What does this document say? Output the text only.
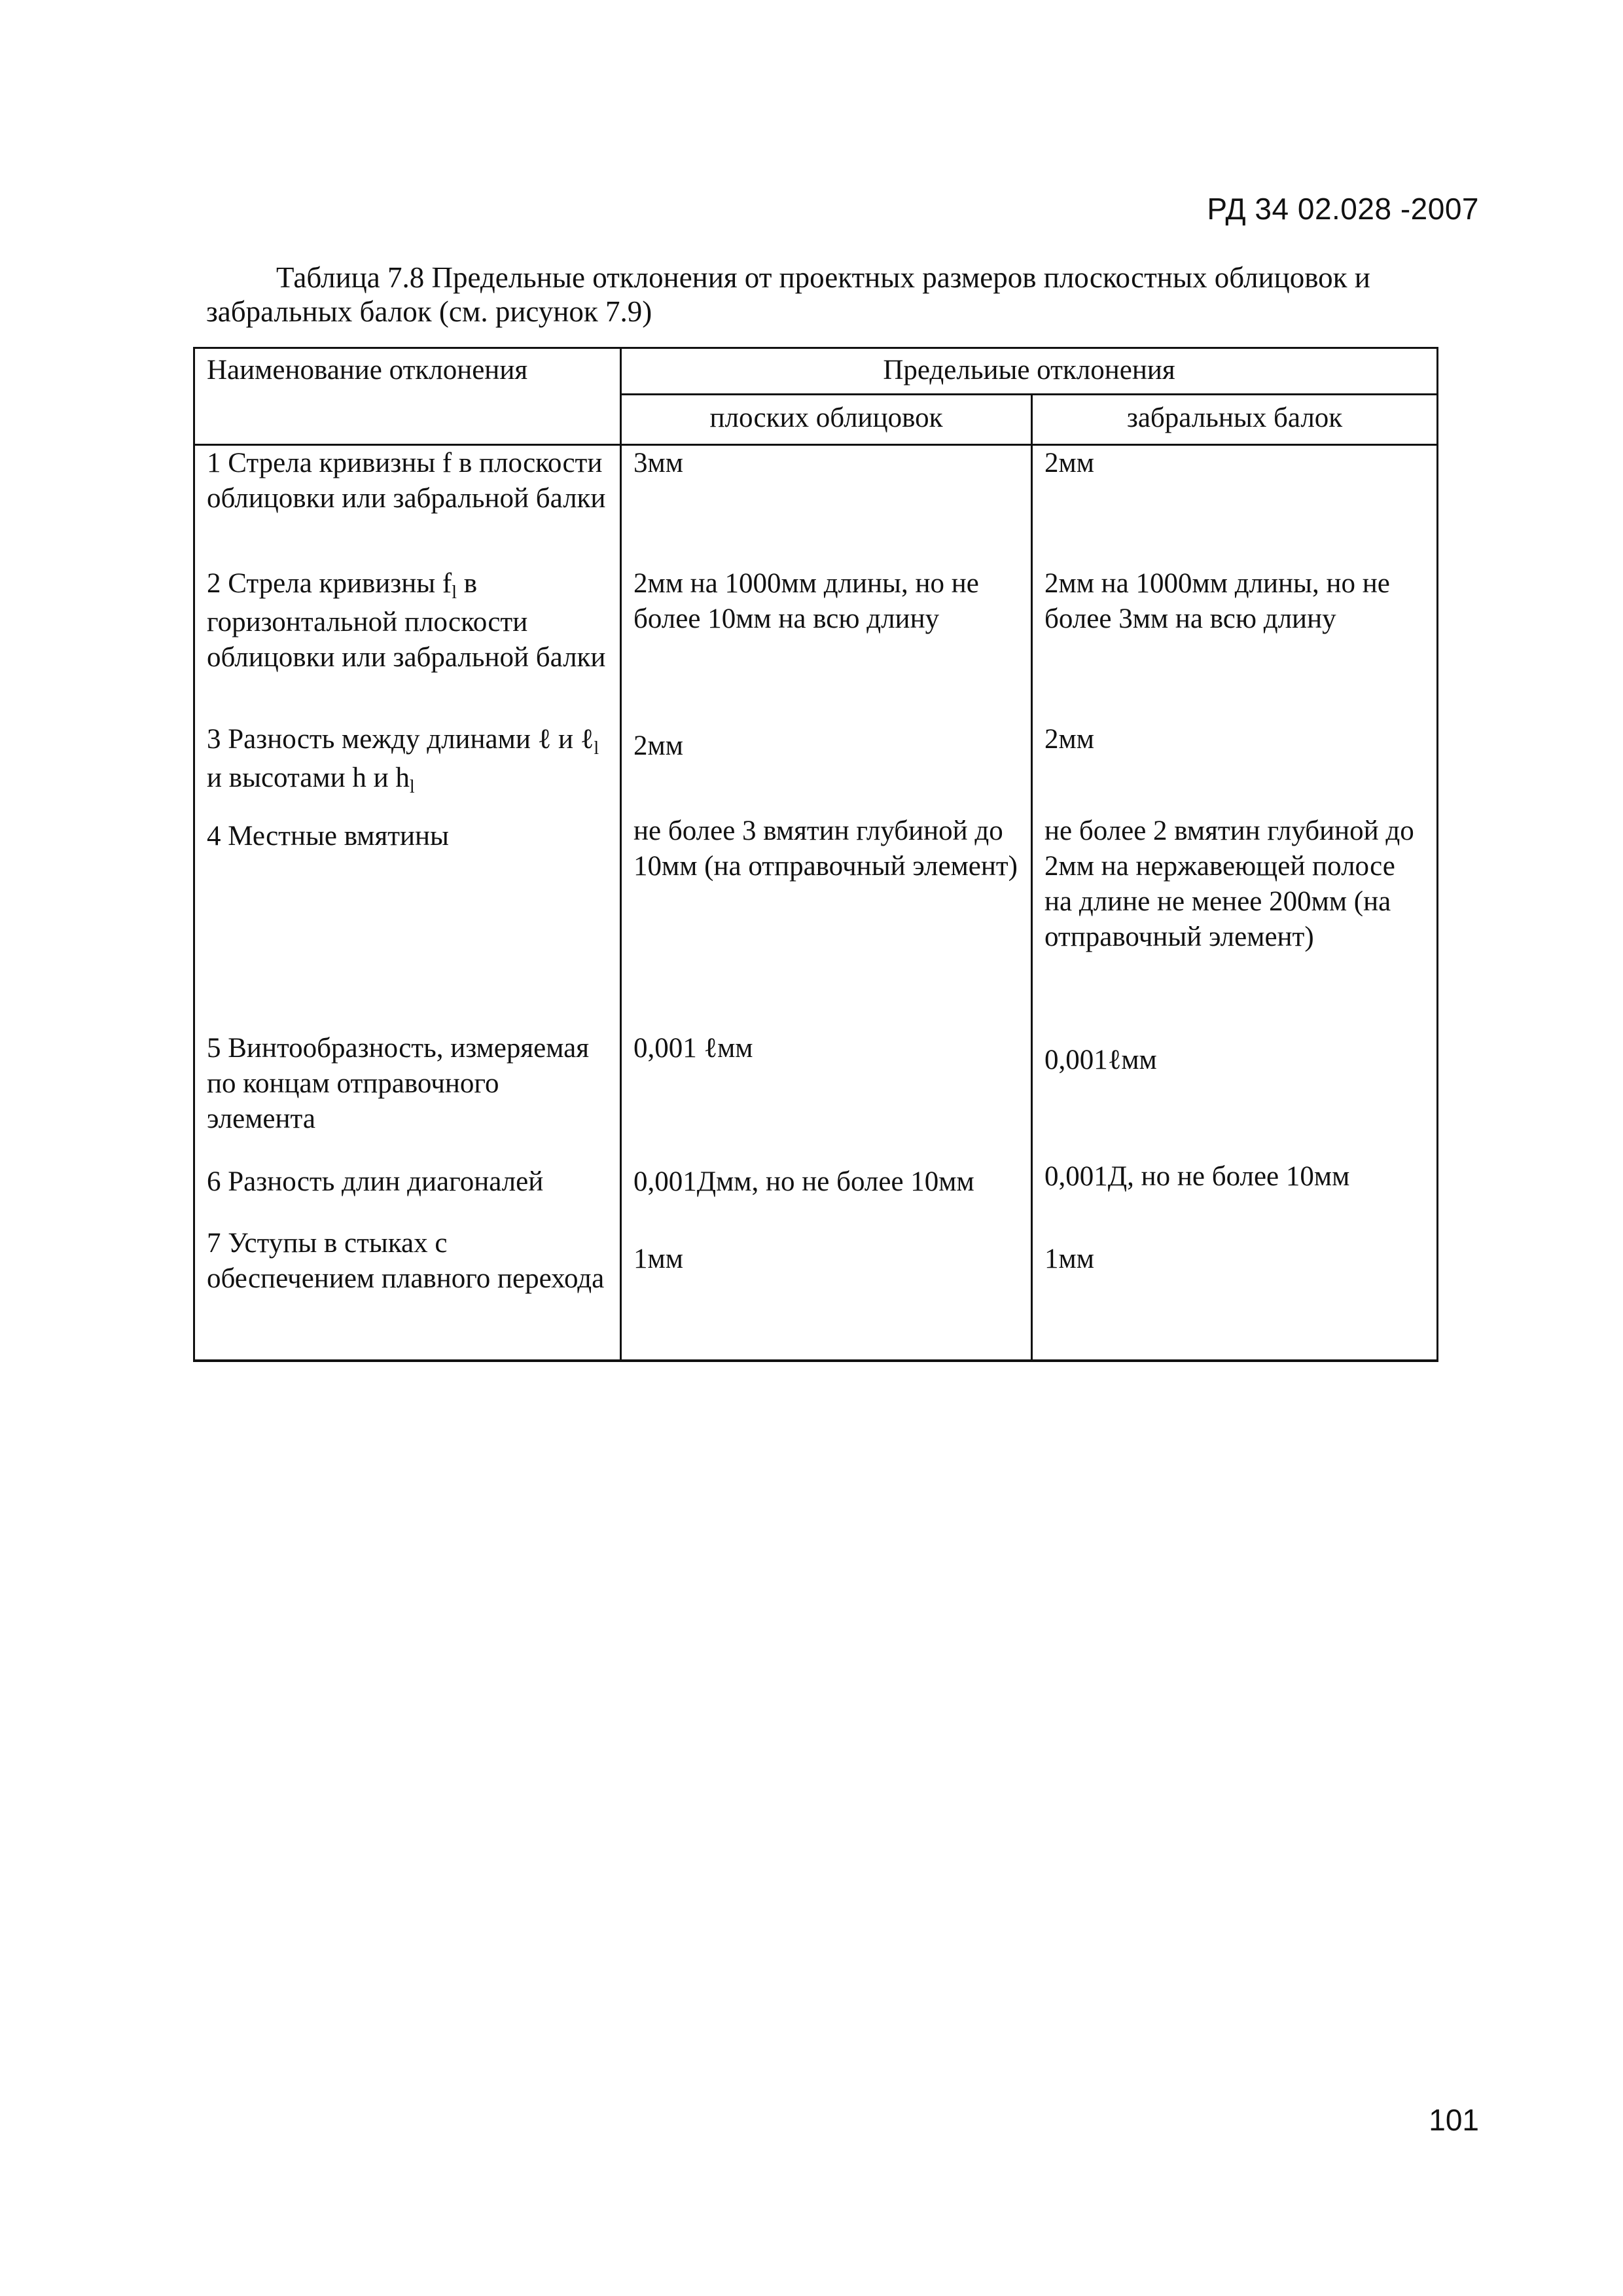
РД 34 02.028 -2007
Таблица 7.8 Предельные отклонения от проектных размеров плоскостных облицовок и
забральных балок (см. рисунок 7.9)
Наименование отклонения	Предельиые отклонения	
	плоских облицовок	забральных балок
1 Стрела кривизны f в плоскости облицовки или забральной балки	3мм	2мм
2 Стрела кривизны $f_l$ в горизонтальной плоскости облицовки или забральной балки	2мм на 1000мм длины, но не более 10мм на всю длину	2мм на 1000мм длины, но не более 3мм на всю длину
3 Разность между длинами ℓ и ℓ$_l$ и высотами h и $h_l$	2мм	2мм
4 Местные вмятины	не более 3 вмятин глубиной до 10мм (на отправочный элемент)	не более 2 вмятин глубиной до 2мм на нержавеющей полосе на длине не менее 200мм (на отправочный элемент)
5 Винтообразность, измеряемая по концам отправочного элемента	0,001 ℓмм	0,001ℓмм
6 Разность длин диагоналей	0,001Дмм, но не более 10мм	0,001Д, но не более 10мм
7 Уступы в стыках с обеспечением плавного перехода	1мм	1мм
101
